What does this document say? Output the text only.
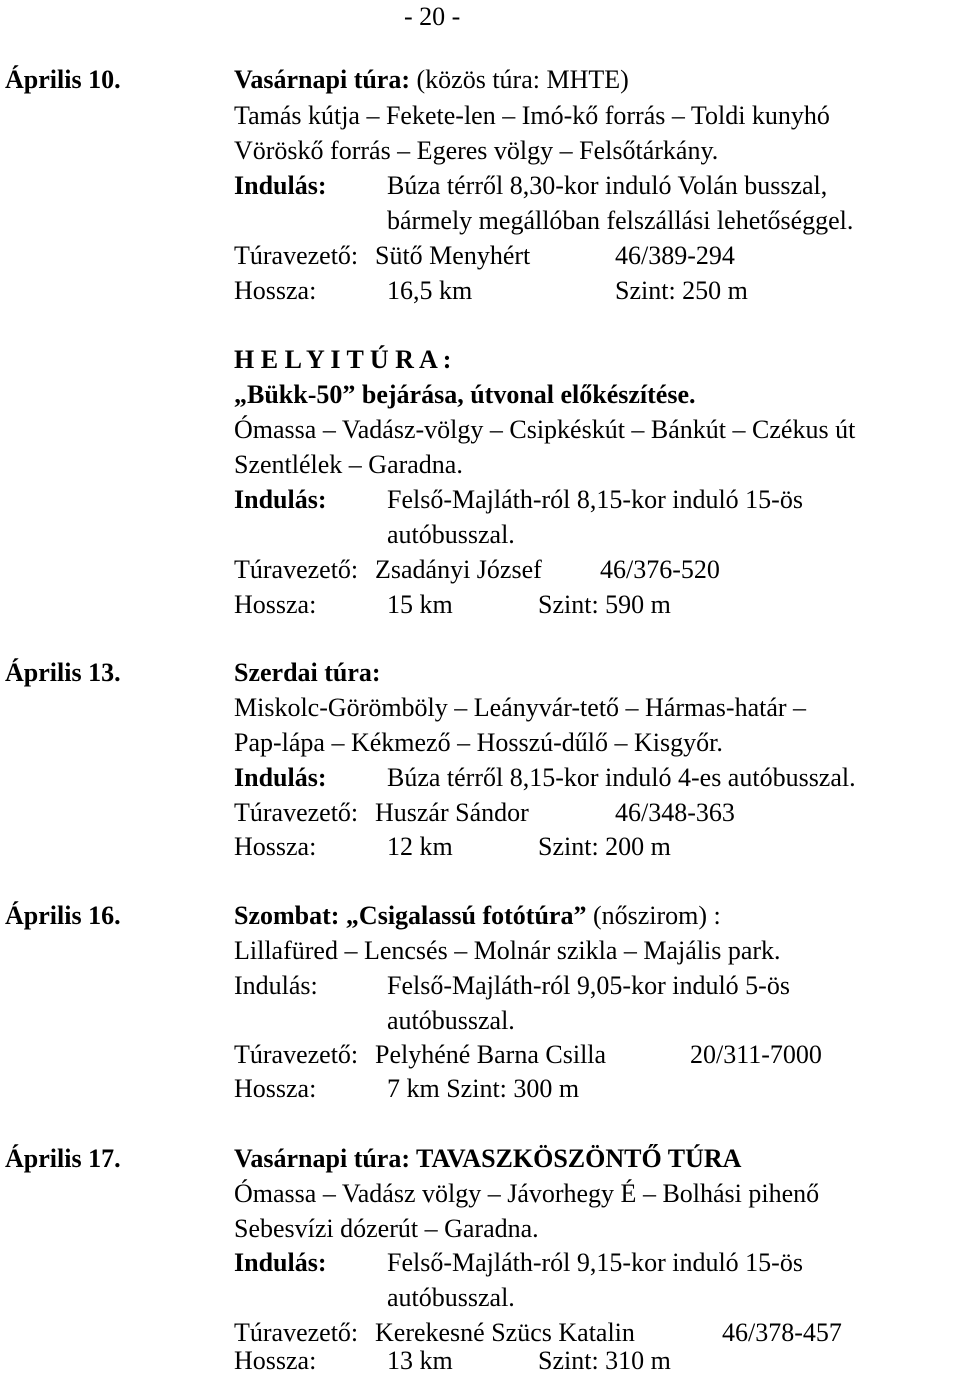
- 20 -
Április 10.	Vasárnapi túra: (közös túra: MHTE)
Tamás kútja – Fekete-len – Imó-kő forrás – Toldi kunyhó
Vöröskő forrás – Egeres völgy – Felsőtárkány.
Indulás: Búza térről 8,30-kor induló Volán busszal,
bármely megállóban felszállási lehetőséggel.
Túravezető: Sütő Menyhért	46/389-294
Hossza:	16,5 km	Szint: 250 m
H E L Y I T Ú R A :
„Bükk-50” bejárása, útvonal előkészítése.
Ómassa – Vadász-völgy – Csipkéskút – Bánkút – Czékus út
Szentlélek – Garadna.
Indulás: Felső-Majláth-ról 8,15-kor induló 15-ös
autóbusszal.
Túravezető: Zsadányi József 46/376-520
Hossza:	15 km	Szint: 590 m
Április 13.	Szerdai túra:
Miskolc-Görömböly – Leányvár-tető – Hármas-határ –
Pap-lápa – Kékmező – Hosszú-dűlő – Kisgyőr.
Indulás: Búza térről 8,15-kor induló 4-es autóbusszal.
Túravezető: Huszár Sándor	46/348-363
Hossza:	12 km	Szint: 200 m
Április 16.	Szombat: „Csigalassú fotótúra” (nőszirom) :
Lillafüred – Lencsés – Molnár szikla – Majális park.
Indulás:	Felső-Majláth-ról 9,05-kor induló 5-ös
autóbusszal.
Túravezető: Pelyhéné Barna Csilla	20/311-7000
Hossza:	7 km Szint: 300 m
Április 17.	Vasárnapi túra: TAVASZKÖSZÖNTŐ TÚRA
Ómassa – Vadász völgy – Jávorhegy É – Bolhási pihenő
Sebesvízi dózerút – Garadna.
Indulás: Felső-Majláth-ról 9,15-kor induló 15-ös
autóbusszal.
Túravezető: Kerekesné Szücs Katalin	46/378-457
Hossza:	13 km	Szint: 310 m
